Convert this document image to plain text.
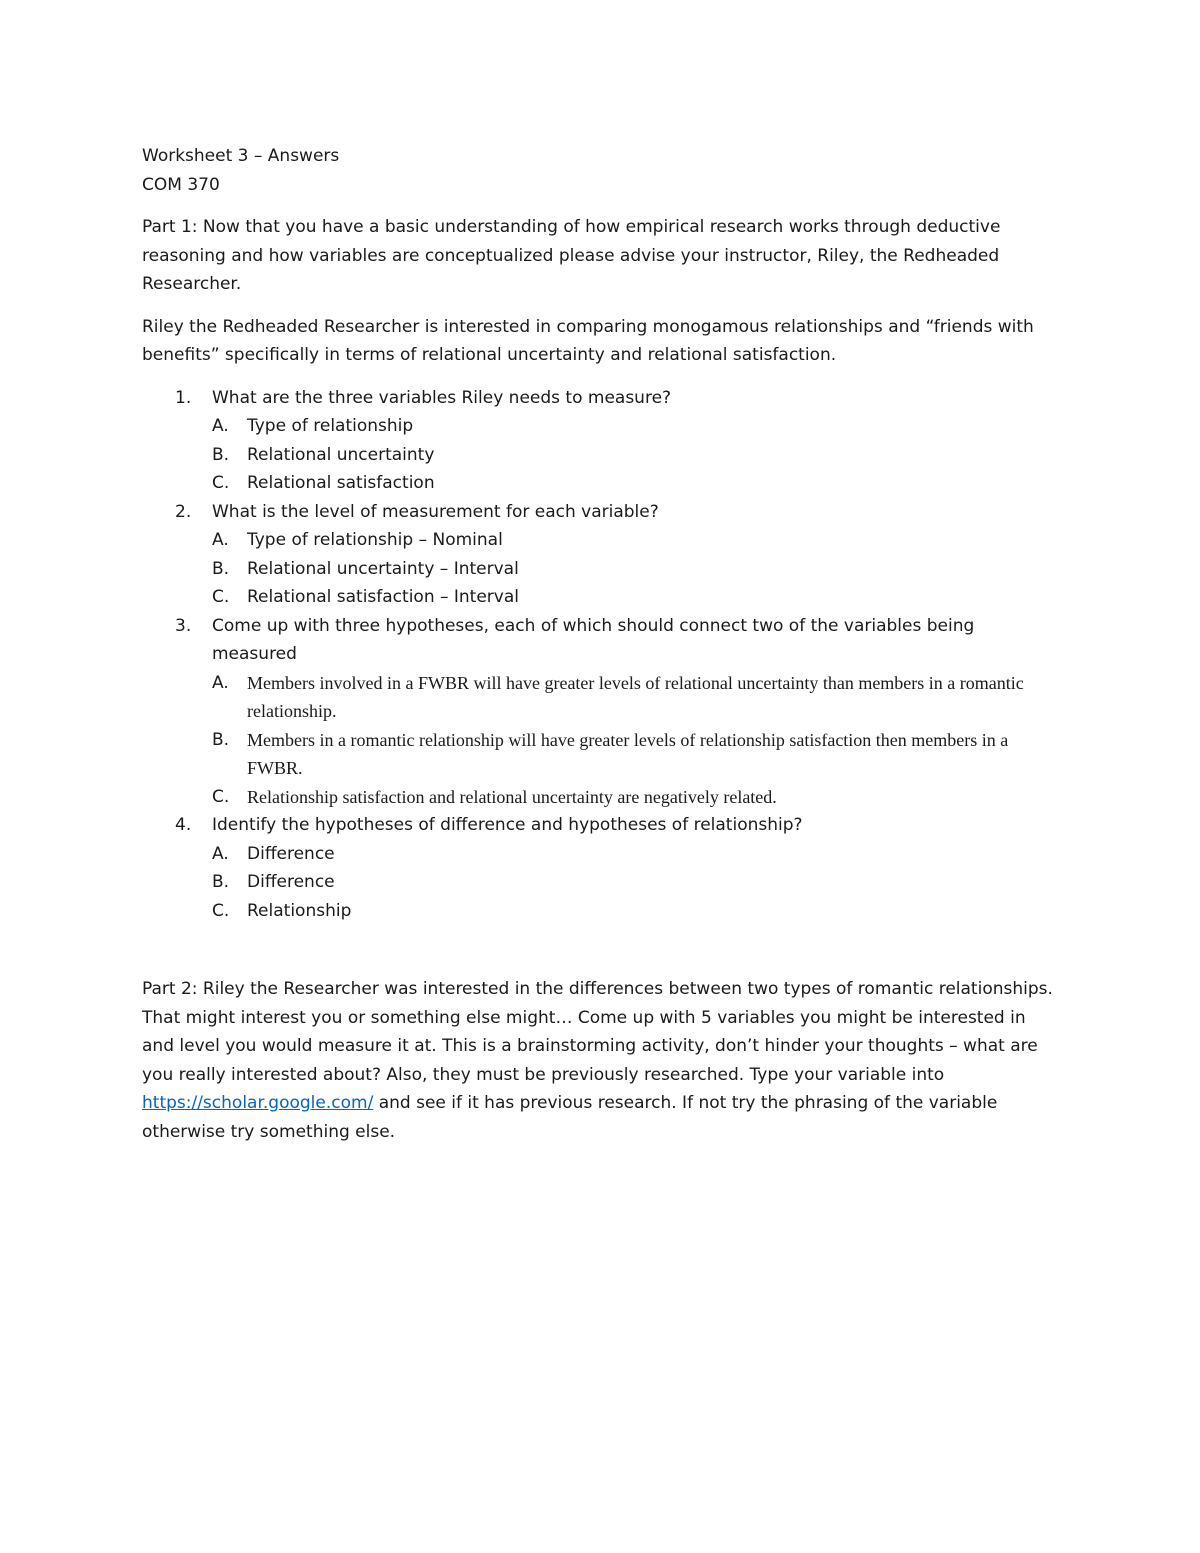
Worksheet 3 – Answers
COM 370

Part 1: Now that you have a basic understanding of how empirical research works through deductive reasoning and how variables are conceptualized please advise your instructor, Riley, the Redheaded Researcher.

Riley the Redheaded Researcher is interested in comparing monogamous relationships and “friends with benefits” specifically in terms of relational uncertainty and relational satisfaction.

1.	What are the three variables Riley needs to measure?
A.	Type of relationship
B.	Relational uncertainty
C.	Relational satisfaction
2.	What is the level of measurement for each variable?
A.	Type of relationship – Nominal
B.	Relational uncertainty – Interval
C.	Relational satisfaction – Interval
3.	Come up with three hypotheses, each of which should connect two of the variables being measured
A.	Members involved in a FWBR will have greater levels of relational uncertainty than members in a romantic relationship.
B. Members in a romantic relationship will have greater levels of relationship satisfaction then members in a FWBR.
C. Relationship satisfaction and relational uncertainty are negatively related.
4.	Identify the hypotheses of difference and hypotheses of relationship?
A.	Difference
B.	Difference
C.	Relationship

Part 2: Riley the Researcher was interested in the differences between two types of romantic relationships. That might interest you or something else might… Come up with 5 variables you might be interested in and level you would measure it at. This is a brainstorming activity, don’t hinder your thoughts – what are you really interested about? Also, they must be previously researched. Type your variable into https://scholar.google.com/ and see if it has previous research. If not try the phrasing of the variable otherwise try something else.
